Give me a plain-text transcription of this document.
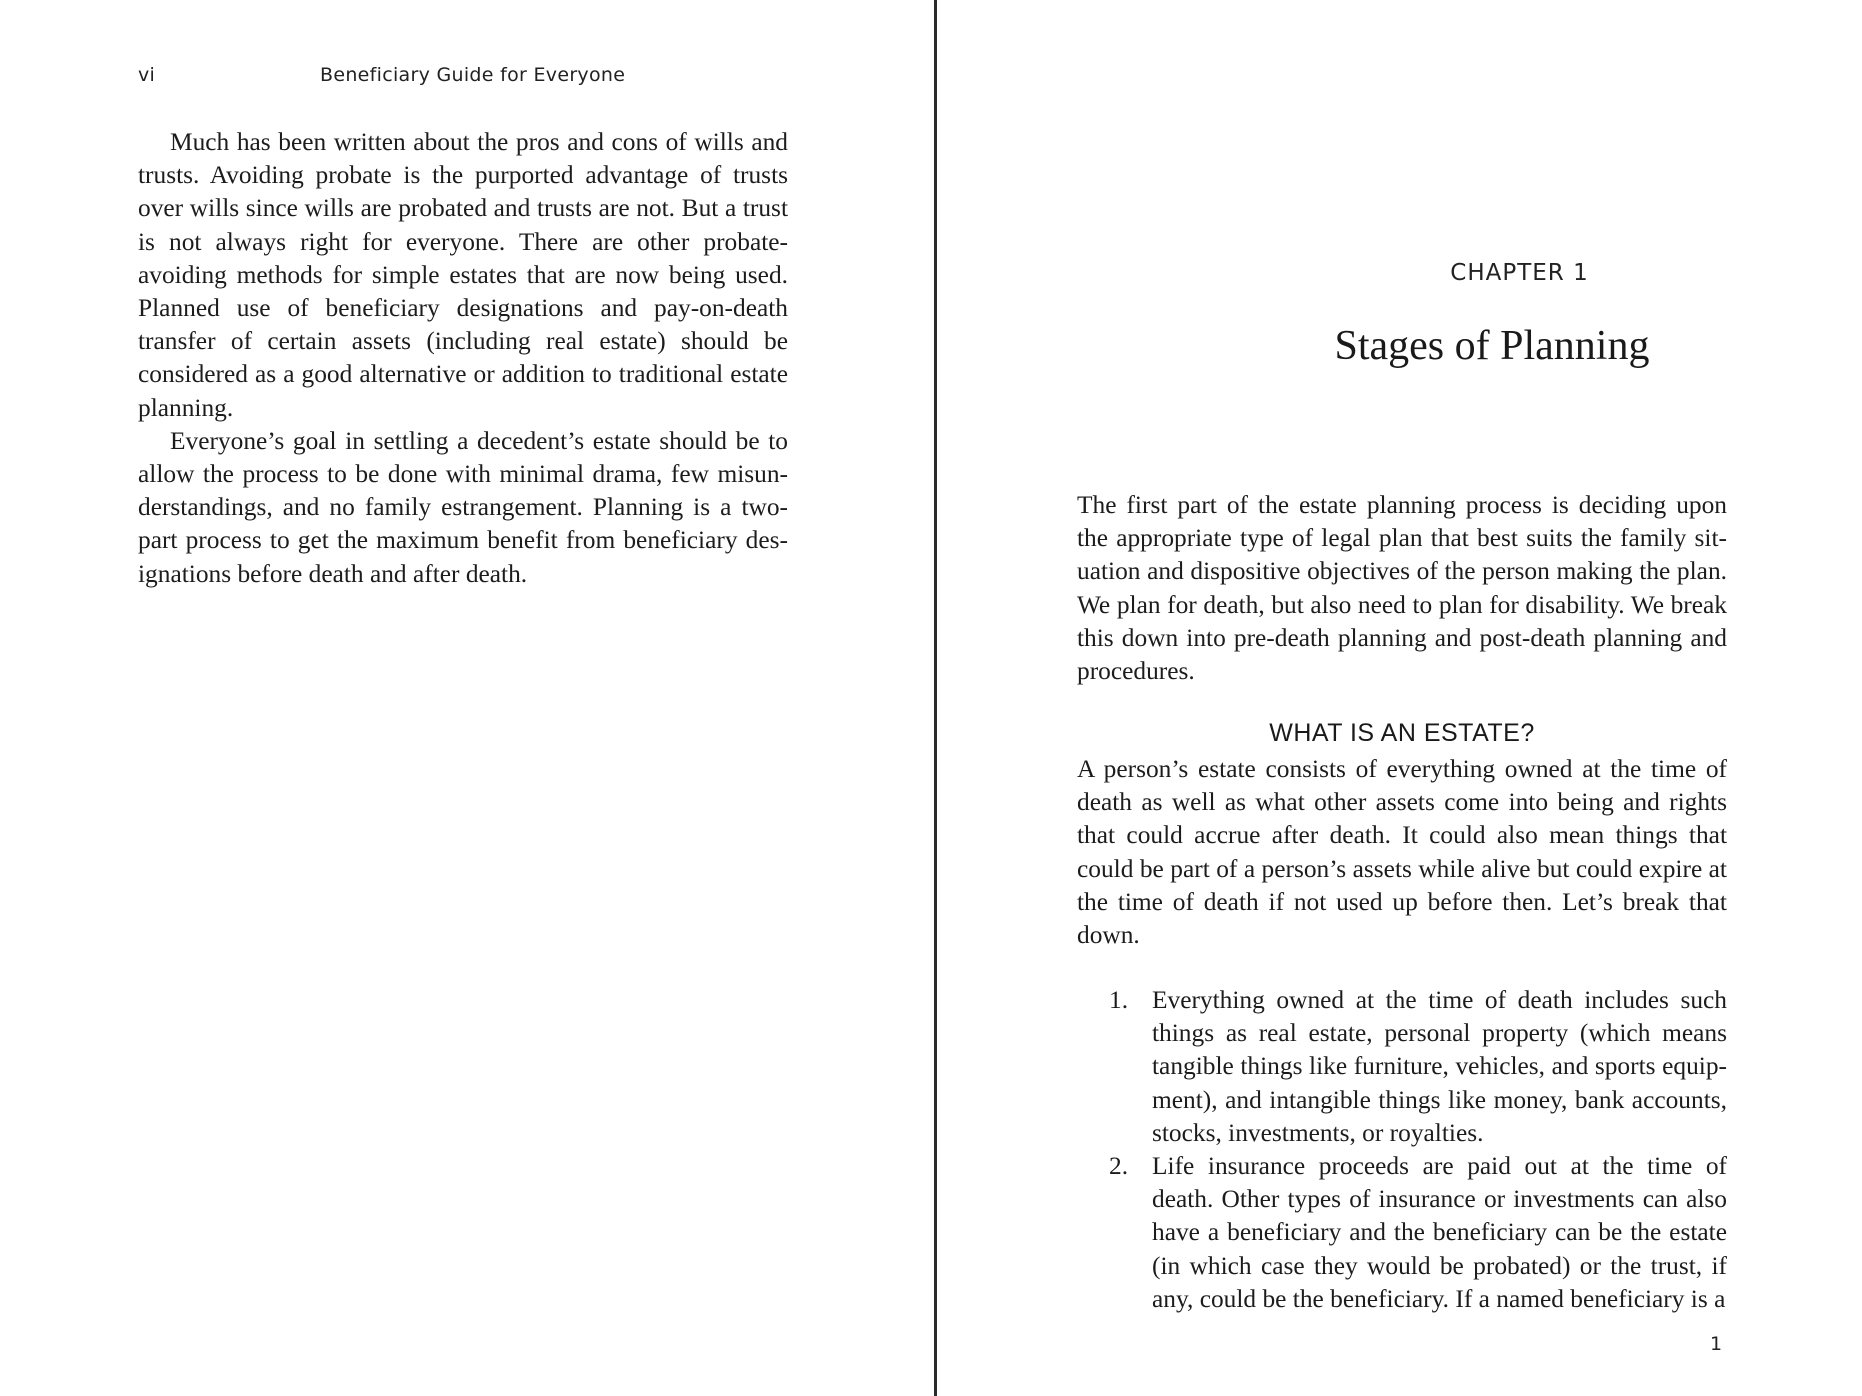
vi	Beneficiary Guide for Everyone

Much has been written about the pros and cons of wills and trusts. Avoiding probate is the purported advantage of trusts over wills since wills are probated and trusts are not. But a trust is not always right for everyone. There are other probate-avoiding methods for simple estates that are now being used. Planned use of beneficiary designations and pay-on-death transfer of certain assets (including real estate) should be considered as a good alternative or addition to traditional estate planning.

Everyone’s goal in settling a decedent’s estate should be to allow the process to be done with minimal drama, few misunderstandings, and no family estrangement. Planning is a two-part process to get the maximum benefit from beneficiary designations before death and after death.

CHAPTER 1
Stages of Planning

The first part of the estate planning process is deciding upon the appropriate type of legal plan that best suits the family situation and dispositive objectives of the person making the plan. We plan for death, but also need to plan for disability. We break this down into pre-death planning and post-death planning and procedures.

WHAT IS AN ESTATE?

A person’s estate consists of everything owned at the time of death as well as what other assets come into being and rights that could accrue after death. It could also mean things that could be part of a person’s assets while alive but could expire at the time of death if not used up before then. Let’s break that down.

1. Everything owned at the time of death includes such things as real estate, personal property (which means tangible things like furniture, vehicles, and sports equipment), and intangible things like money, bank accounts, stocks, investments, or royalties.
2. Life insurance proceeds are paid out at the time of death. Other types of insurance or investments can also have a beneficiary and the beneficiary can be the estate (in which case they would be probated) or the trust, if any, could be the beneficiary. If a named beneficiary is a
1
